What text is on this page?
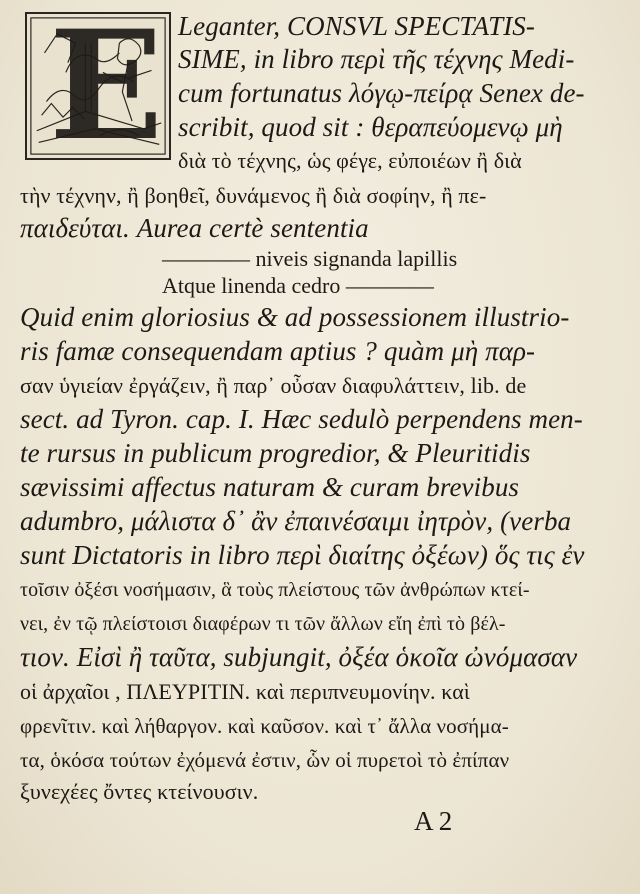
E Leganter, CONSVL SPECTATIS-
SIME, in libro περὶ τῆς τέχνης Medi-
cum fortunatus λόγῳ-πείρᾳ Senex de-
scribit, quod sit : θεραπεύομενῳ μὴ
διὰ τὸ τέχνης, ὡς φέγε, εὐποιέων ἢ διὰ
τὴν τέχνην, ἢ βοηθεῖ, δυνάμενος ἢ διὰ σοφίην, ἢ πε-
παιδεύται. Aurea certè sententia
———— niveis signanda lapillis
Atque linenda cedro ————
Quid enim gloriosius & ad possessionem illustrio-
ris famæ consequendam aptius ? quàm μὴ παρ-
σαν ὑγιείαν ἐργάζειν, ἢ παρ᾽ οὖσαν διαφυλάττειν, lib. de
sect. ad Tyron. cap. I. Hæc sedulò perpendens men-
te rursus in publicum progredior, & Pleuritidis
sævissimi affectus naturam & curam brevibus
adumbro, μάλιστα δ᾽ ἂν ἐπαινέσαιμι ἰητρὸν, (verba
sunt Dictatoris in libro περὶ διαίτης ὀξέων) ὅς τις ἐν
τοῖσιν ὀξέσι νοσήμασιν, ἃ τοὺς πλείστους τῶν ἀνθρώπων κτεί-
νει, ἐν τῷ πλείστοισι διαφέρων τι τῶν ἄλλων εἴη ἐπὶ τὸ βέλ-
τιον. Εἰσὶ ἢ ταῦτα, subjungit, ὀξέα ὁκοῖα ὠνόμασαν
οἱ ἀρχαῖοι , ΠΛΕΥΡΙΤΙΝ. καὶ περιπνευμονίην. καὶ
φρενῖτιν. καὶ λήθαργον. καὶ καῦσον. καὶ τ᾽ ἄλλα νοσήμα-
τα, ὁκόσα τούτων ἐχόμενά ἐστιν, ὧν οἱ πυρετοὶ τὸ ἐπίπαν
ξυνεχέες ὄντες κτείνουσιν.
A 2
